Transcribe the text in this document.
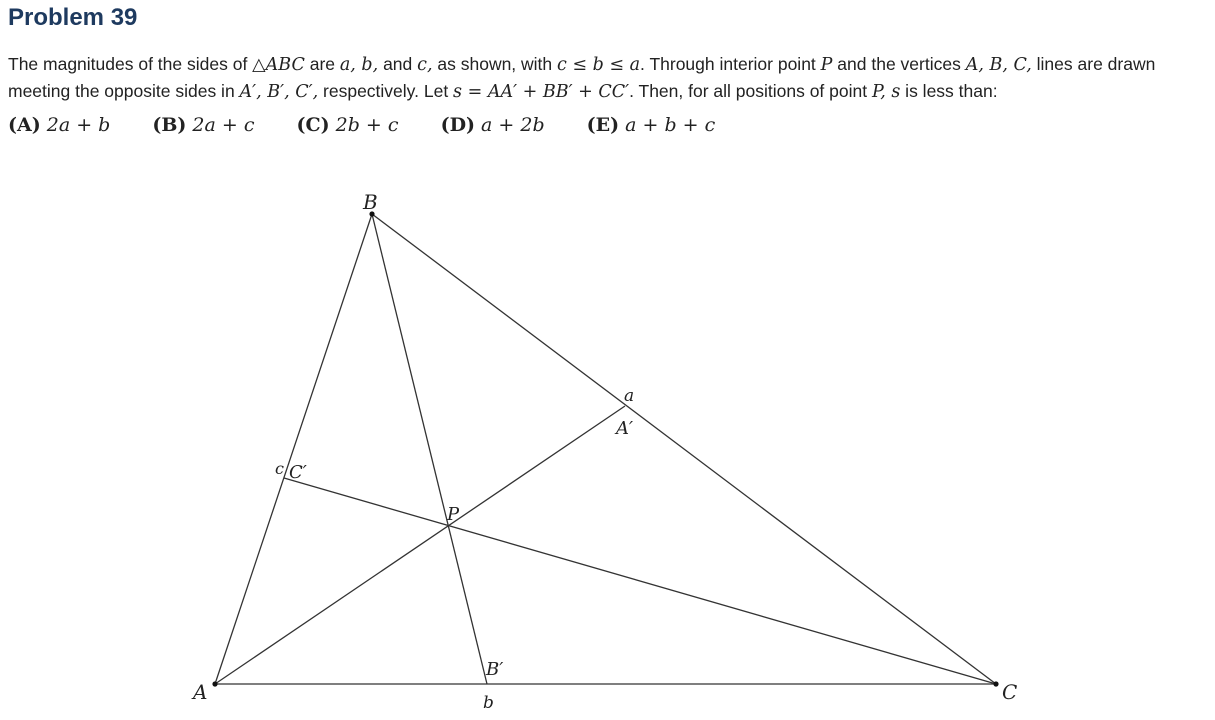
Problem 39
The magnitudes of the sides of △ABC are a, b, and c, as shown, with c ≤ b ≤ a. Through interior point P and the vertices A, B, C, lines are drawn meeting the opposite sides in A′, B′, C′, respectively. Let s = AA′ + BB′ + CC′. Then, for all positions of point P, s is less than:
(A) 2a + b (B) 2a + c (C) 2b + c (D) a + 2b (E) a + b + c
A
B
C
P
A′
B′
C′
a
b
c
